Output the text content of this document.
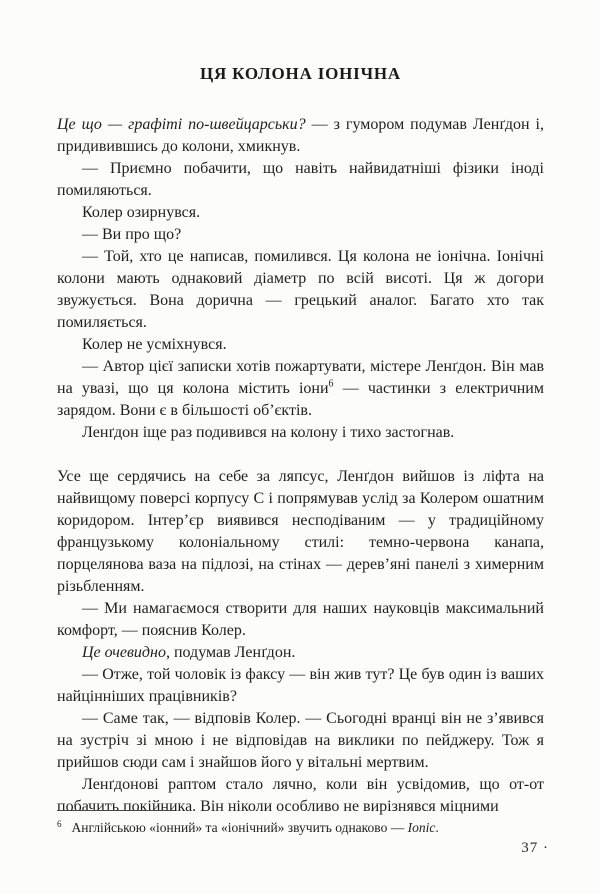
ЦЯ КОЛОНА ІОНІЧНА

Це що — графіті по-швейцарськи? — з гумором подумав Ленґдон і, придивившись до колони, хмикнув.

— Приємно побачити, що навіть найвидатніші фізики іноді помиляються.

Колер озирнувся.

— Ви про що?

— Той, хто це написав, помилився. Ця колона не іонічна. Іонічні колони мають однаковий діаметр по всій висоті. Ця ж догори звужується. Вона дорична — грецький аналог. Багато хто так помиляється.

Колер не усміхнувся.

— Автор цієї записки хотів пожартувати, містере Ленґдон. Він мав на увазі, що ця колона містить іони$^6$ — частинки з електричним зарядом. Вони є в більшості об’єктів.

Ленґдон іще раз подивився на колону і тихо застогнав.

Усе ще сердячись на себе за ляпсус, Ленґдон вийшов із ліфта на найвищому поверсі корпусу С і попрямував услід за Колером ошатним коридором. Інтер’єр виявився несподіваним — у традиційному французькому колоніальному стилі: темно-червона канапа, порцелянова ваза на підлозі, на стінах — дерев’яні панелі з химерним різьбленням.

— Ми намагаємося створити для наших науковців максимальний комфорт, — пояснив Колер.

Це очевидно, подумав Ленґдон.

— Отже, той чоловік із факсу — він жив тут? Це був один із ваших найцінніших працівників?

— Саме так, — відповів Колер. — Сьогодні вранці він не з’явився на зустріч зі мною і не відповідав на виклики по пейджеру. Тож я прийшов сюди сам і знайшов його у вітальні мертвим.

Ленґдонові раптом стало лячно, коли він усвідомив, що от-от побачить покійника. Він ніколи особливо не вирізнявся міцними

$^6$ Англійською «іонний» та «іонічний» звучить однаково — Ionic.
37 ·
